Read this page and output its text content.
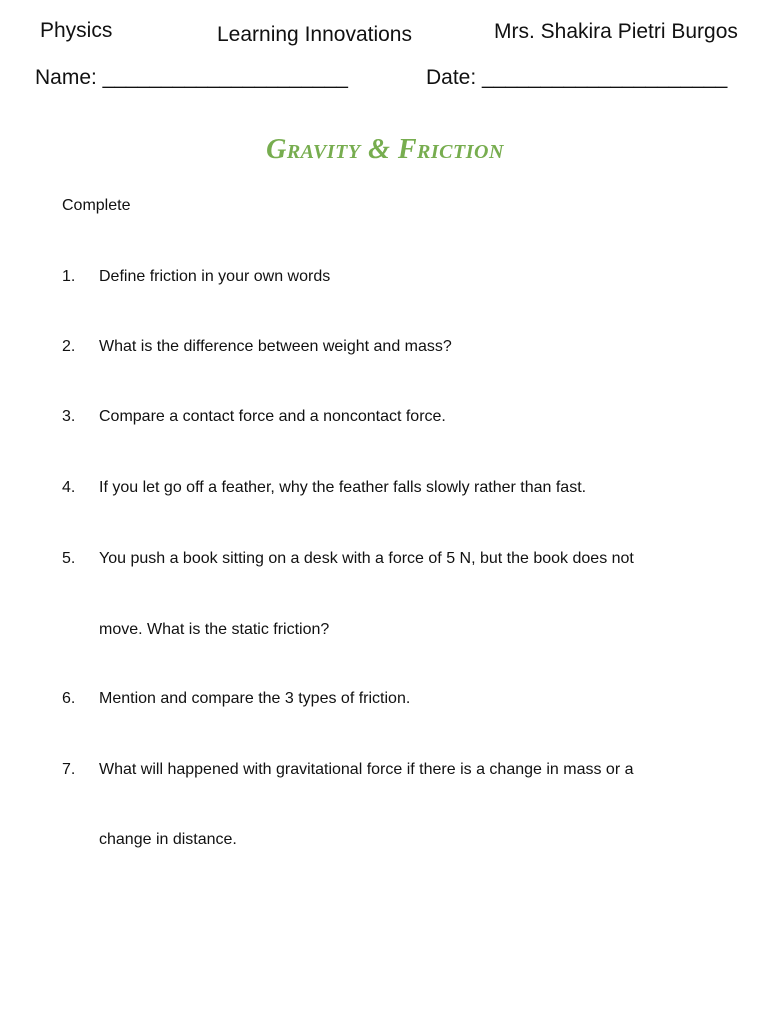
Physics	Learning Innovations	Mrs. Shakira Pietri Burgos
Name: _____________________	Date: _____________________
Gravity & Friction
Complete
1. Define friction in your own words
2. What is the difference between weight and mass?
3. Compare a contact force and a noncontact force.
4. If you let go off a feather, why the feather falls slowly rather than fast.
5. You push a book sitting on a desk with a force of 5 N, but the book does not
move. What is the static friction?
6. Mention and compare the 3 types of friction.
7. What will happened with gravitational force if there is a change in mass or a
change in distance.
